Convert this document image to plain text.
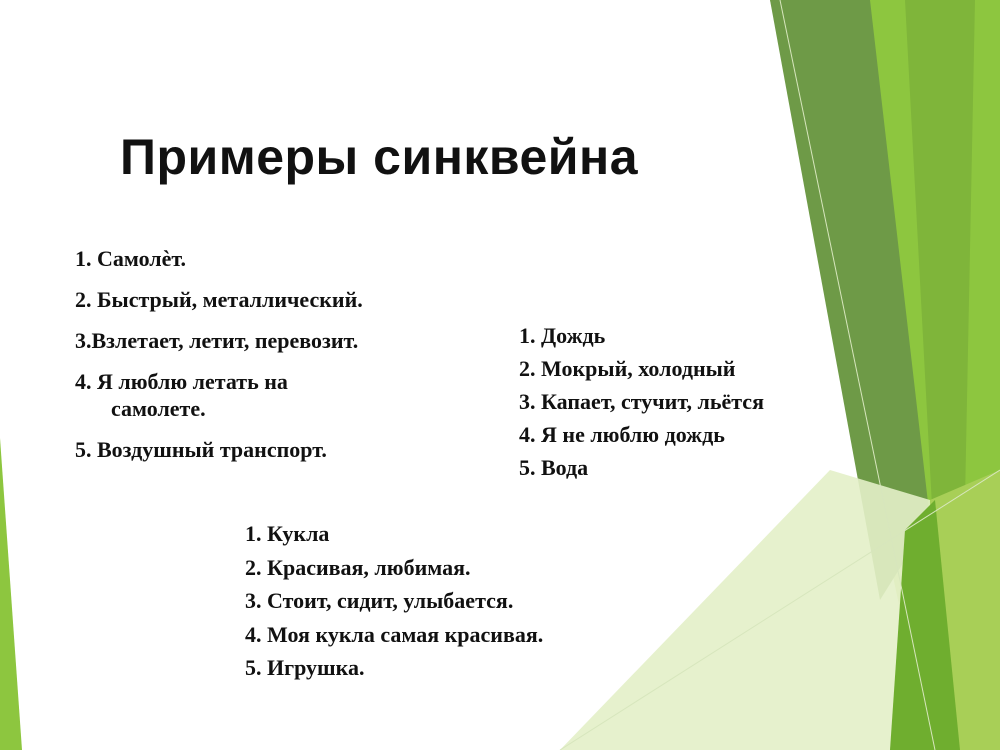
Примеры синквейна
1. Самолѐт.
2. Быстрый, металлический.
3.Взлетает, летит, перевозит.
4. Я люблю летать на
самолете.
5. Воздушный транспорт.
1. Дождь
2. Мокрый, холодный
3. Капает, стучит, льётся
4. Я не люблю дождь
5. Вода
1. Кукла
2. Красивая, любимая.
3. Стоит, сидит, улыбается.
4. Моя кукла самая красивая.
5. Игрушка.
